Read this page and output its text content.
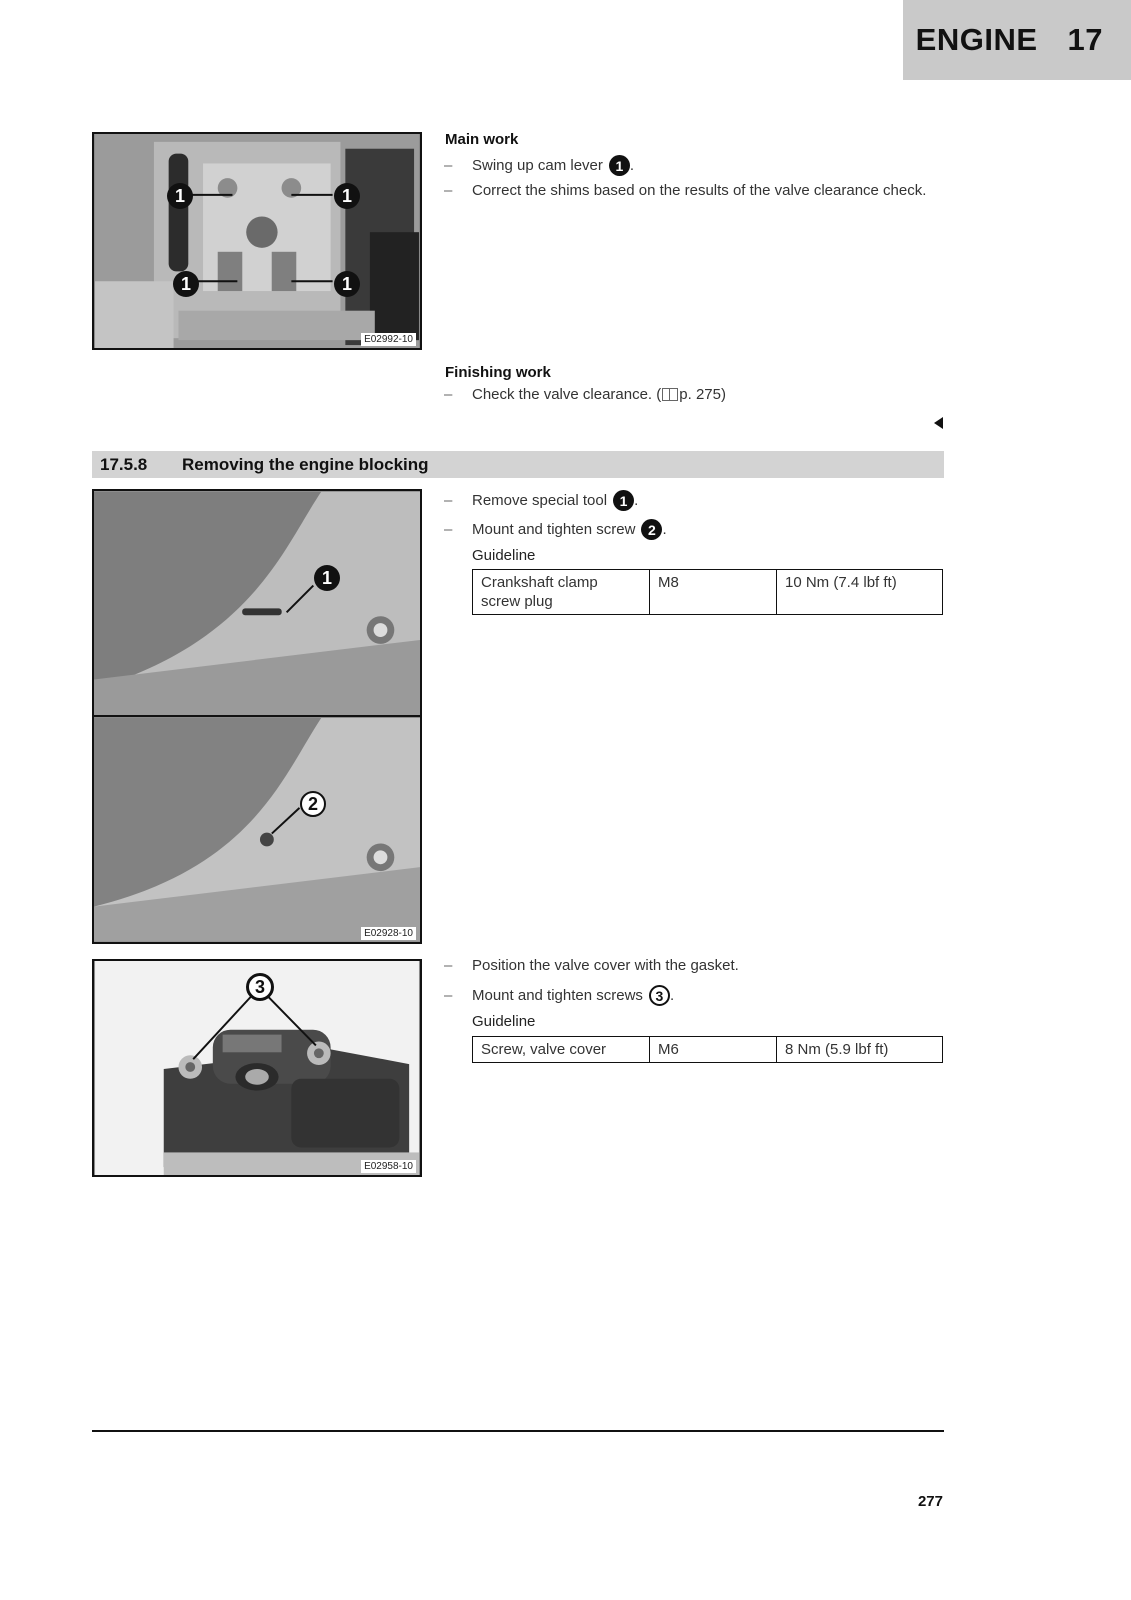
ENGINE 17
1	1
1	1
E02992-10
Main work
– Swing up cam lever 1 .
– Correct the shims based on the results of the valve clearance check.
Finishing work
– Check the valve clearance. ( p. 275)
17.5.8	Removing the engine blocking
1
2
E02928-10
– Remove special tool 1 .
– Mount and tighten screw 2 .
Guideline
Crankshaft clamp screw plug	M8	10 Nm (7.4 lbf ft)
3
E02958-10
– Position the valve cover with the gasket.
– Mount and tighten screws 3 .
Guideline
Screw, valve cover	M6	8 Nm (5.9 lbf ft)
277
